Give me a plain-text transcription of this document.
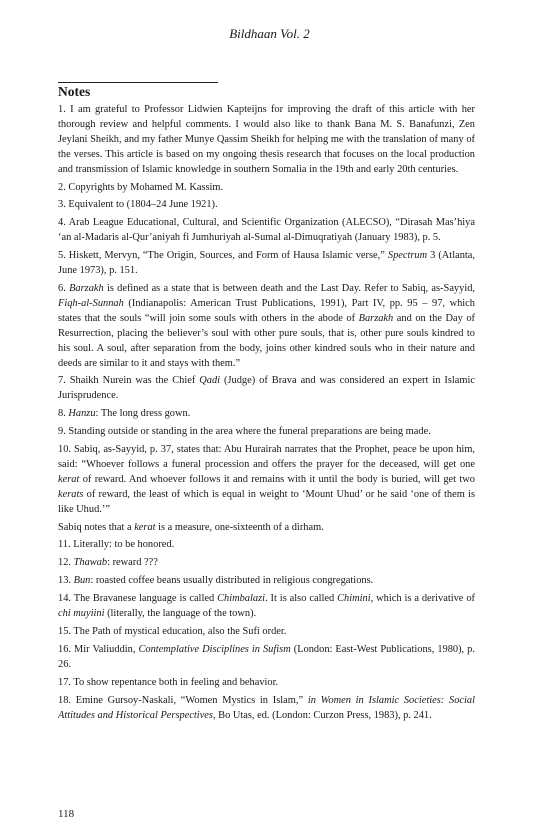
Bildhaan Vol. 2
Notes

1. I am grateful to Professor Lidwien Kapteijns for improving the draft of this article with her thorough review and helpful comments. I would also like to thank Bana M. S. Banafunzi, Zen Jeylani Sheikh, and my father Munye Qassim Sheikh for helping me with the translation of many of the verses. This article is based on my ongoing thesis research that focuses on the local production and transmission of Islamic knowledge in southern Somalia in the 19th and early 20th centuries.

2. Copyrights by Mohamed M. Kassim.

3. Equivalent to (1804–24 June 1921).

4. Arab League Educational, Cultural, and Scientific Organization (ALECSO), “Dirasah Mas’hiya ‘an al-Madaris al-Qur’aniyah fi Jumhuriyah al-Sumal al-Dimuqratiyah (January 1983), p. 5.

5. Hiskett, Mervyn, “The Origin, Sources, and Form of Hausa Islamic verse,” Spectrum 3 (Atlanta, June 1973), p. 151.

6. Barzakh is defined as a state that is between death and the Last Day. Refer to Sabiq, as-Sayyid, Fiqh-al-Sunnah (Indianapolis: American Trust Publications, 1991), Part IV, pp. 95 – 97, which states that the souls “will join some souls with others in the abode of Barzakh and on the Day of Resurrection, placing the believer’s soul with other pure souls, that is, other pure souls kindred to his soul. A soul, after separation from the body, joins other kindred souls who in their nature and deeds are similar to it and stays with them.”

7. Shaikh Nurein was the Chief Qadi (Judge) of Brava and was considered an expert in Islamic Jurisprudence.

8. Hanzu: The long dress gown.

9. Standing outside or standing in the area where the funeral preparations are being made.

10. Sabiq, as-Sayyid, p. 37, states that: Abu Hurairah narrates that the Prophet, peace be upon him, said: “Whoever follows a funeral procession and offers the prayer for the deceased, will get one kerat of reward. And whoever follows it and remains with it until the body is buried, will get two kerats of reward, the least of which is equal in weight to ‘Mount Uhud’ or he said ‘one of them is like Uhud.’”

Sabiq notes that a kerat is a measure, one-sixteenth of a dirham.

11. Literally: to be honored.

12. Thawab: reward ???

13. Bun: roasted coffee beans usually distributed in religious congregations.

14. The Bravanese language is called Chimbalazi. It is also called Chimini, which is a derivative of chi muyiini (literally, the language of the town).

15. The Path of mystical education, also the Sufi order.

16. Mir Valiuddin, Contemplative Disciplines in Sufism (London: East-West Publications, 1980), p. 26.

17. To show repentance both in feeling and behavior.

18. Emine Gursoy-Naskali, “Women Mystics in Islam,” in Women in Islamic Societies: Social Attitudes and Historical Perspectives, Bo Utas, ed. (London: Curzon Press, 1983), p. 241.

118
